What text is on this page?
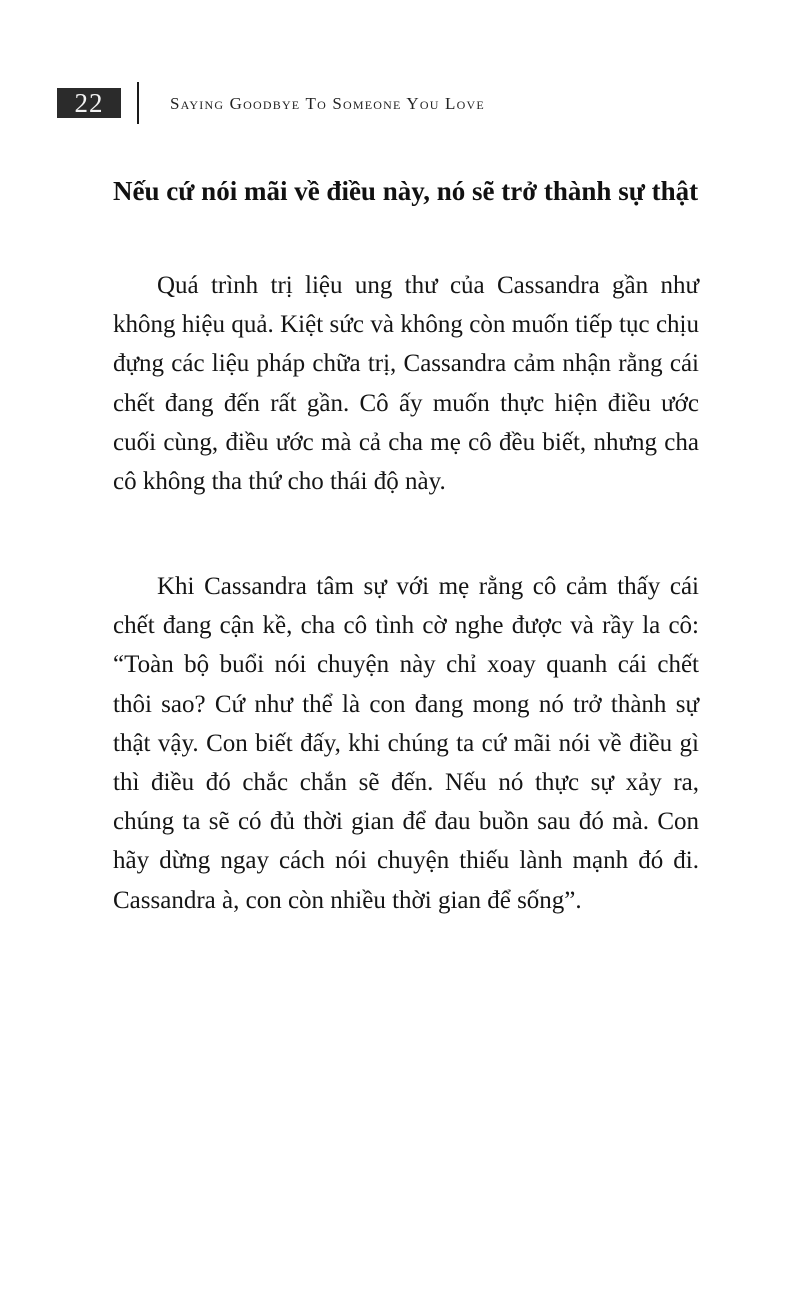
22	Saying Goodbye To Someone You Love
Nếu cứ nói mãi về điều này, nó sẽ trở thành sự thật

Quá trình trị liệu ung thư của Cassandra gần như không hiệu quả. Kiệt sức và không còn muốn tiếp tục chịu đựng các liệu pháp chữa trị, Cassandra cảm nhận rằng cái chết đang đến rất gần. Cô ấy muốn thực hiện điều ước cuối cùng, điều ước mà cả cha mẹ cô đều biết, nhưng cha cô không tha thứ cho thái độ này.

Khi Cassandra tâm sự với mẹ rằng cô cảm thấy cái chết đang cận kề, cha cô tình cờ nghe được và rầy la cô: “Toàn bộ buổi nói chuyện này chỉ xoay quanh cái chết thôi sao? Cứ như thể là con đang mong nó trở thành sự thật vậy. Con biết đấy, khi chúng ta cứ mãi nói về điều gì thì điều đó chắc chắn sẽ đến. Nếu nó thực sự xảy ra, chúng ta sẽ có đủ thời gian để đau buồn sau đó mà. Con hãy dừng ngay cách nói chuyện thiếu lành mạnh đó đi. Cassandra à, con còn nhiều thời gian để sống”.
